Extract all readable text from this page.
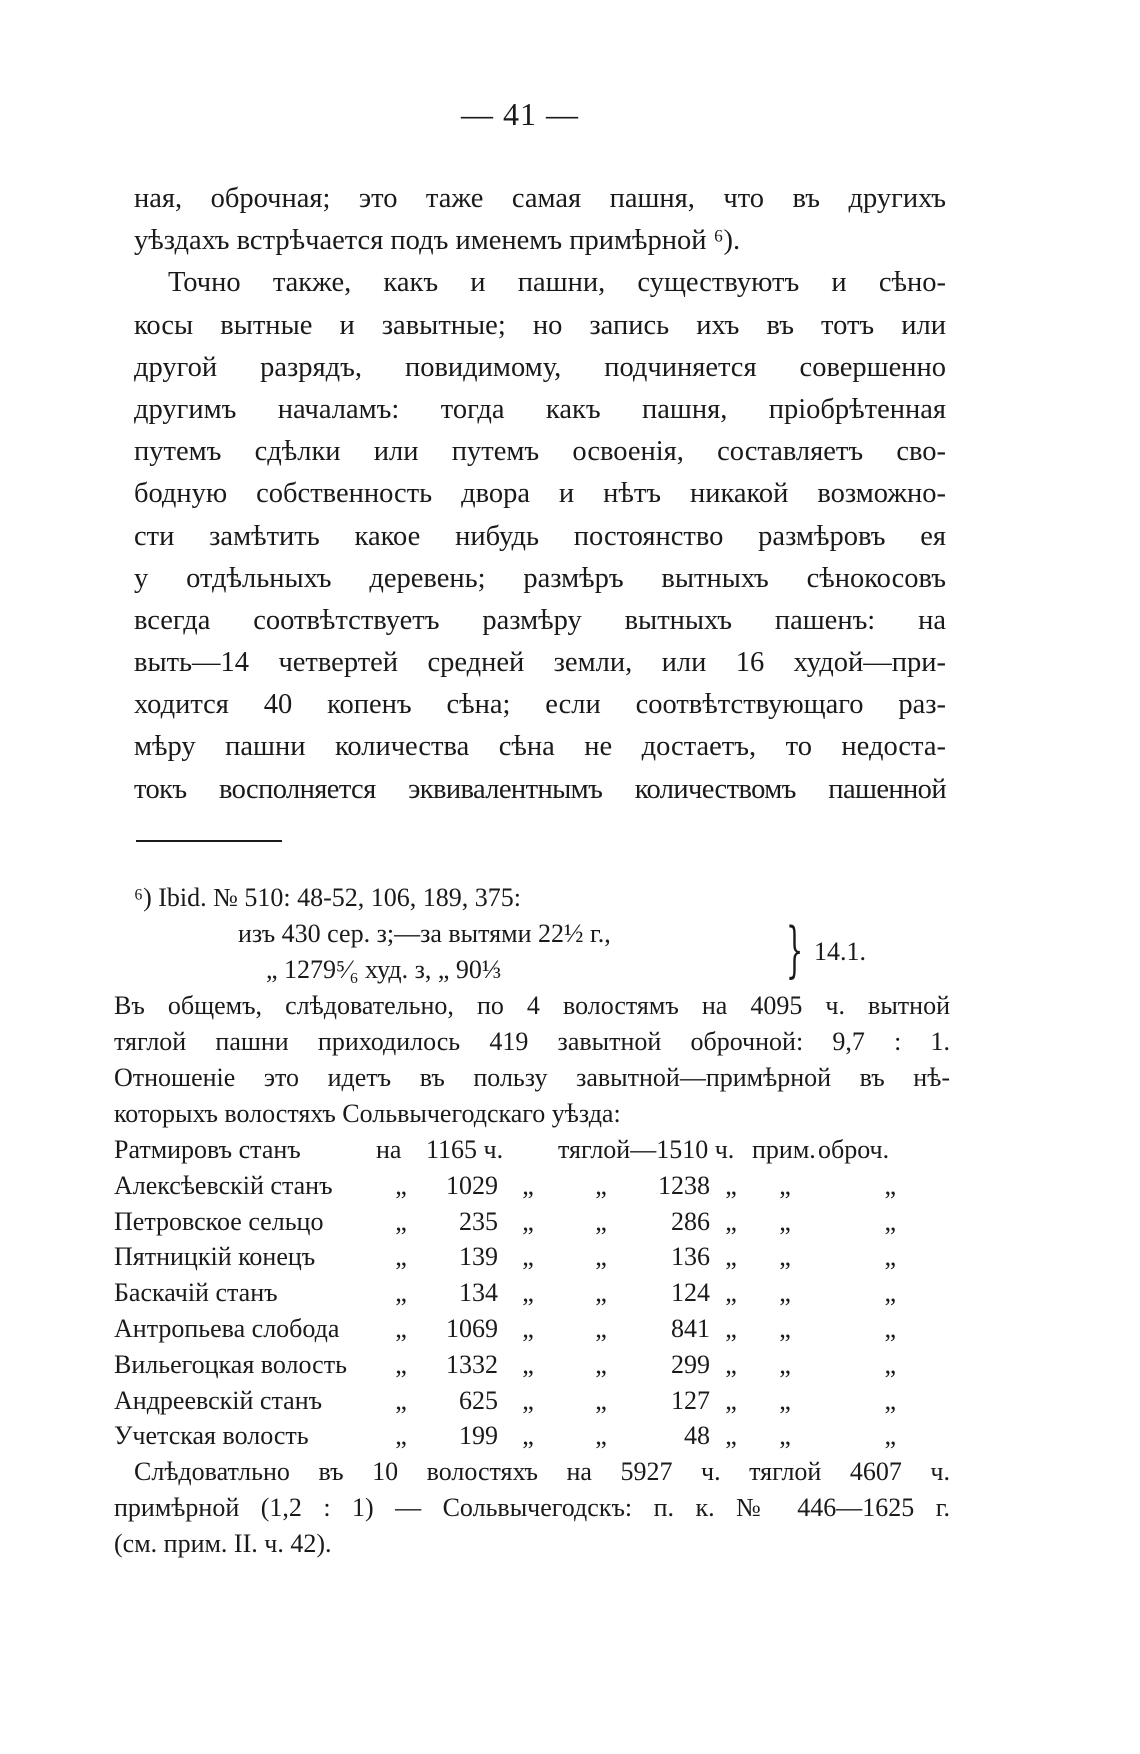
— 41 —
ная, оброчная; это таже самая пашня, что въ другихъ
уѣздахъ встрѣчается подъ именемъ примѣрной ⁶).
Точно также, какъ и пашни, существуютъ и сѣно-
косы вытные и завытные; но запись ихъ въ тотъ или
другой разрядъ, повидимому, подчиняется совершенно
другимъ началамъ: тогда какъ пашня, пріобрѣтенная
путемъ сдѣлки или путемъ освоенія, составляетъ сво-
бодную собственность двора и нѣтъ никакой возможно-
сти замѣтить какое нибудь постоянство размѣровъ ея
у отдѣльныхъ деревень; размѣръ вытныхъ сѣнокосовъ
всегда соотвѣтствуетъ размѣру вытныхъ пашенъ: на
выть—14 четвертей средней земли, или 16 худой—при-
ходится 40 копенъ сѣна; если соотвѣтствующаго раз-
мѣру пашни количества сѣна не достаетъ, то недоста-
токъ восполняется эквивалентнымъ количествомъ пашенной
⁶) Ibid. № 510: 48-52, 106, 189, 375:
изъ 430 сер. з;—за вытями 22½ г.,
„ 1279⁵⁄₆ худ. з, „ 90⅓	} 14.1.
Въ общемъ, слѣдовательно, по 4 волостямъ на 4095 ч. вытной
тяглой пашни приходилось 419 завытной оброчной: 9,7 : 1.
Отношеніе это идетъ въ пользу завытной—примѣрной въ нѣ-
которыхъ волостяхъ Сольвычегодскаго уѣзда:
Ратмировъ станъ	на	1165 ч.		тяглой—1510 ч.			прим.	оброч.
Алексѣевскій станъ	„	1029	„	„	1238	„	„	„
Петровское сельцо	„	235	„	„	286	„	„	„
Пятницкій конецъ	„	139	„	„	136	„	„	„
Баскачій станъ	„	134	„	„	124	„	„	„
Антропьева слобода	„	1069	„	„	841	„	„	„
Вильегоцкая волость	„	1332	„	„	299	„	„	„
Андреевскій станъ	„	625	„	„	127	„	„	„
Учетская волость	„	199	„	„	48	„	„	„
Слѣдоватльно въ 10 волостяхъ на 5927 ч. тяглой 4607 ч.
примѣрной (1,2 : 1) — Сольвычегодскъ: п. к. № 446—1625 г.
(см. прим. II. ч. 42).
